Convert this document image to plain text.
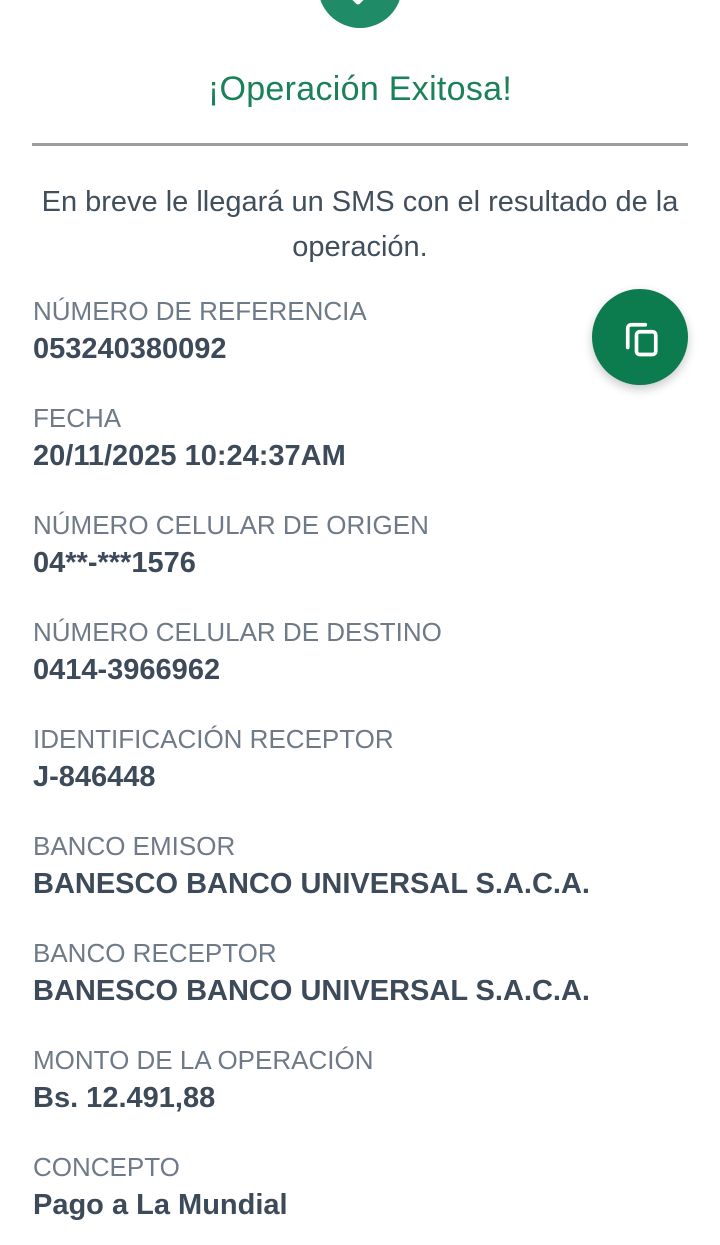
¡Operación Exitosa!

En breve le llegará un SMS con el resultado de la operación.

NÚMERO DE REFERENCIA
053240380092
FECHA
20/11/2025 10:24:37AM
NÚMERO CELULAR DE ORIGEN
04**-***1576
NÚMERO CELULAR DE DESTINO
0414-3966962
IDENTIFICACIÓN RECEPTOR
J-846448
BANCO EMISOR
BANESCO BANCO UNIVERSAL S.A.C.A.
BANCO RECEPTOR
BANESCO BANCO UNIVERSAL S.A.C.A.
MONTO DE LA OPERACIÓN
Bs. 12.491,88
CONCEPTO
Pago a La Mundial
